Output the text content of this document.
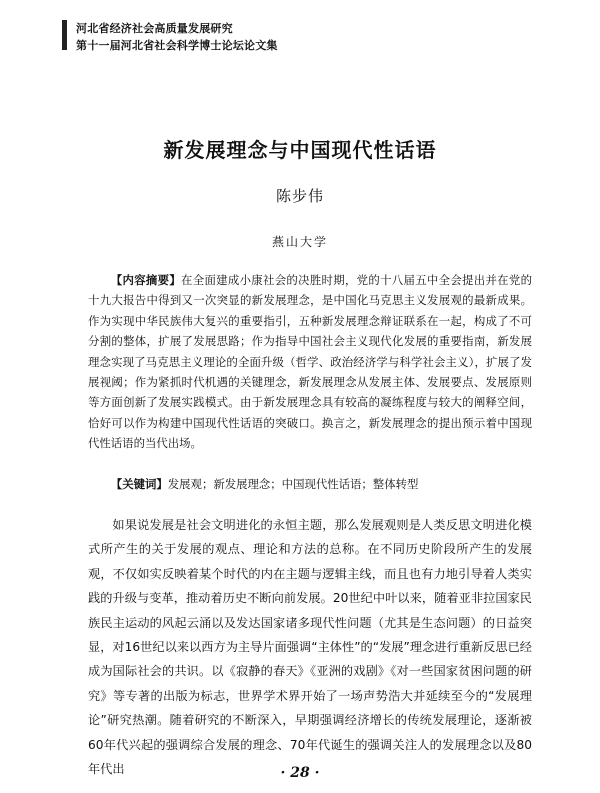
河北省经济社会高质量发展研究
第十一届河北省社会科学博士论坛论文集
新发展理念与中国现代性话语
陈步伟
燕山大学
【内容摘要】在全面建成小康社会的决胜时期，党的十八届五中全会提出并在党的十九大报告中得到又一次突显的新发展理念，是中国化马克思主义发展观的最新成果。作为实现中华民族伟大复兴的重要指引，五种新发展理念辩证联系在一起，构成了不可分割的整体，扩展了发展思路；作为指导中国社会主义现代化发展的重要指南，新发展理念实现了马克思主义理论的全面升级（哲学、政治经济学与科学社会主义），扩展了发展视阈；作为紧抓时代机遇的关键理念，新发展理念从发展主体、发展要点、发展原则等方面创新了发展实践模式。由于新发展理念具有较高的凝练程度与较大的阐释空间，恰好可以作为构建中国现代性话语的突破口。换言之，新发展理念的提出预示着中国现代性话语的当代出场。
【关键词】发展观；新发展理念；中国现代性话语；整体转型
如果说发展是社会文明进化的永恒主题，那么发展观则是人类反思文明进化模式所产生的关于发展的观点、理论和方法的总称。在不同历史阶段所产生的发展观，不仅如实反映着某个时代的内在主题与逻辑主线，而且也有力地引导着人类实践的升级与变革，推动着历史不断向前发展。20世纪中叶以来，随着亚非拉国家民族民主运动的风起云涌以及发达国家诸多现代性问题（尤其是生态问题）的日益突显，对16世纪以来以西方为主导片面强调“主体性”的“发展”理念进行重新反思已经成为国际社会的共识。以《寂静的春天》《亚洲的戏剧》《对一些国家贫困问题的研究》等专著的出版为标志，世界学术界开始了一场声势浩大并延续至今的“发展理论”研究热潮。随着研究的不断深入，早期强调经济增长的传统发展理论，逐渐被60年代兴起的强调综合发展的理念、70年代诞生的强调关注人的发展理念以及80年代出	· 28 ·
